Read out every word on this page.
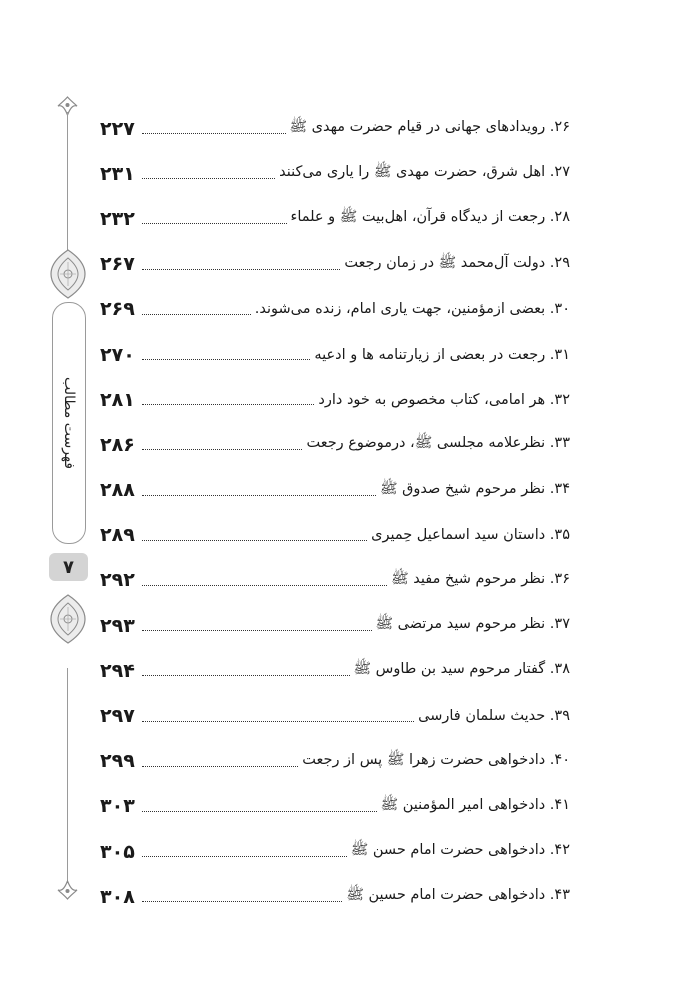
فهرست مطالب
۷
۲۶. رویدادهای جهانی در قیام حضرت مهدی ﷺ
۲۲۷
۲۷. اهل شرق، حضرت مهدی ﷺ را یاری می‌کنند
۲۳۱
۲۸. رجعت از دیدگاه قرآن، اهل‌بیت ﷺ و علماء
۲۳۲
۲۹. دولت آل‌محمد ﷺ در زمان رجعت
۲۶۷
۳۰. بعضی ازمؤمنین، جهت یاری امام، زنده می‌شوند.
۲۶۹
۳۱. رجعت در بعضی از زیارتنامه ها و ادعیه
۲۷۰
۳۲. هر امامی، کتاب مخصوص به خود دارد
۲۸۱
۳۳. نظرعلامه مجلسی ﷺ، درموضوع رجعت
۲۸۶
۳۴. نظر مرحوم شیخ صدوق ﷺ
۲۸۸
۳۵. داستان سید اسماعیل حِمیری
۲۸۹
۳۶. نظر مرحوم شیخ مفید ﷺ
۲۹۲
۳۷. نظر مرحوم سید مرتضی ﷺ
۲۹۳
۳۸. گفتار مرحوم سید بن طاوس ﷺ
۲۹۴
۳۹. حدیث سلمان فارسی
۲۹۷
۴۰. دادخواهی حضرت زهرا ﷺ پس از رجعت
۲۹۹
۴۱. دادخواهی امیر المؤمنین ﷺ
۳۰۳
۴۲. دادخواهی حضرت امام حسن ﷺ
۳۰۵
۴۳. دادخواهی حضرت امام حسین ﷺ
۳۰۸
